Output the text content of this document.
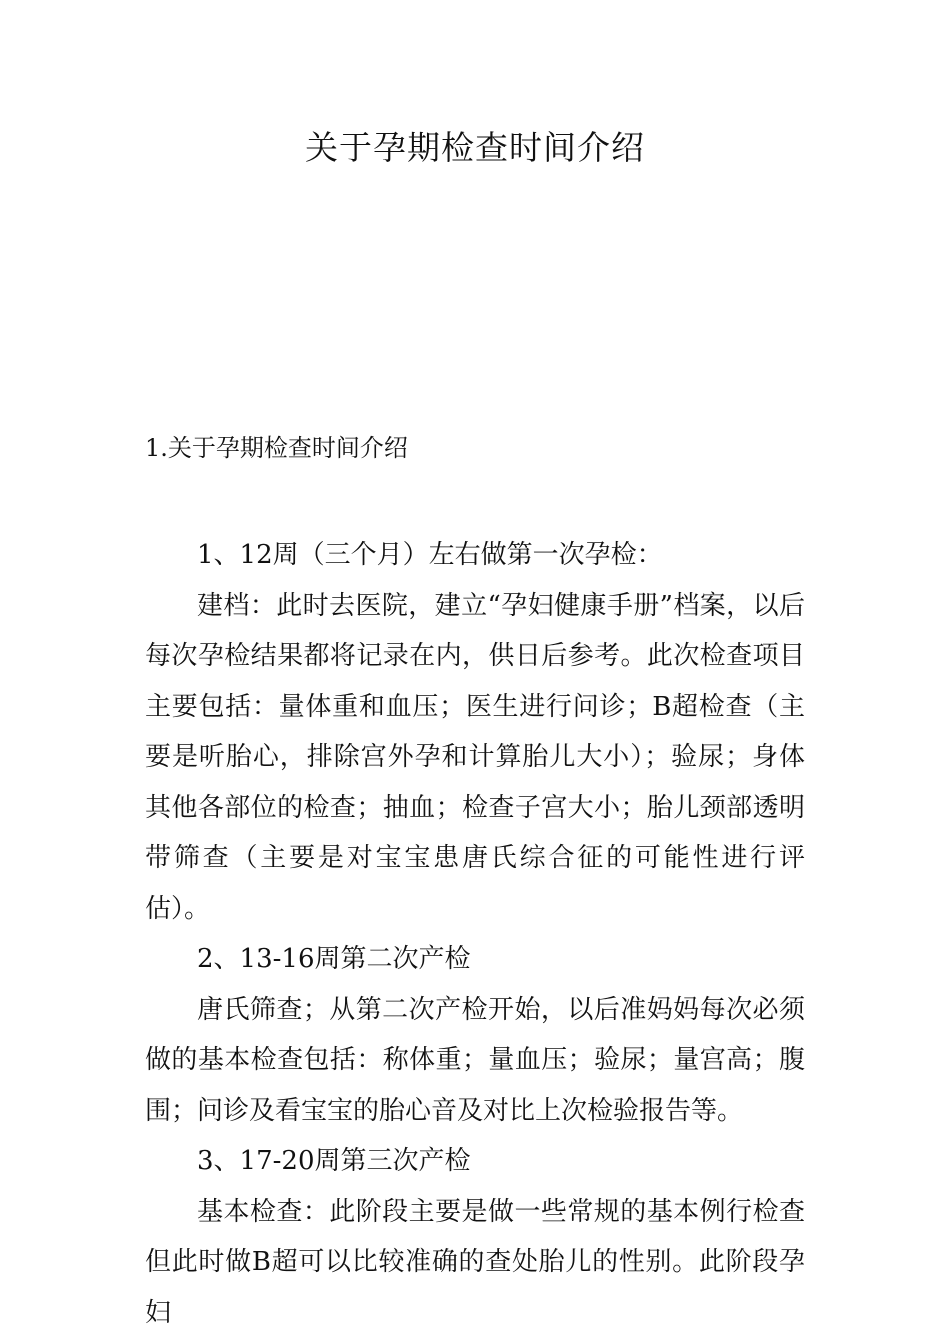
关于孕期检查时间介绍
1.关于孕期检查时间介绍

1、12周（三个月）左右做第一次孕检：

建档：此时去医院，建立“孕妇健康手册”档案，以后每次孕检结果都将记录在内，供日后参考。此次检查项目主要包括：量体重和血压；医生进行问诊；B超检查（主要是听胎心，排除宫外孕和计算胎儿大小）；验尿；身体其他各部位的检查；抽血；检查子宫大小；胎儿颈部透明带筛查（主要是对宝宝患唐氏综合征的可能性进行评估）。

2、13-16周第二次产检

唐氏筛查；从第二次产检开始，以后准妈妈每次必须做的基本检查包括：称体重；量血压；验尿；量宫高；腹围；问诊及看宝宝的胎心音及对比上次检验报告等。

3、17-20周第三次产检

基本检查：此阶段主要是做一些常规的基本例行检查但此时做B超可以比较准确的查处胎儿的性别。此阶段孕妇
